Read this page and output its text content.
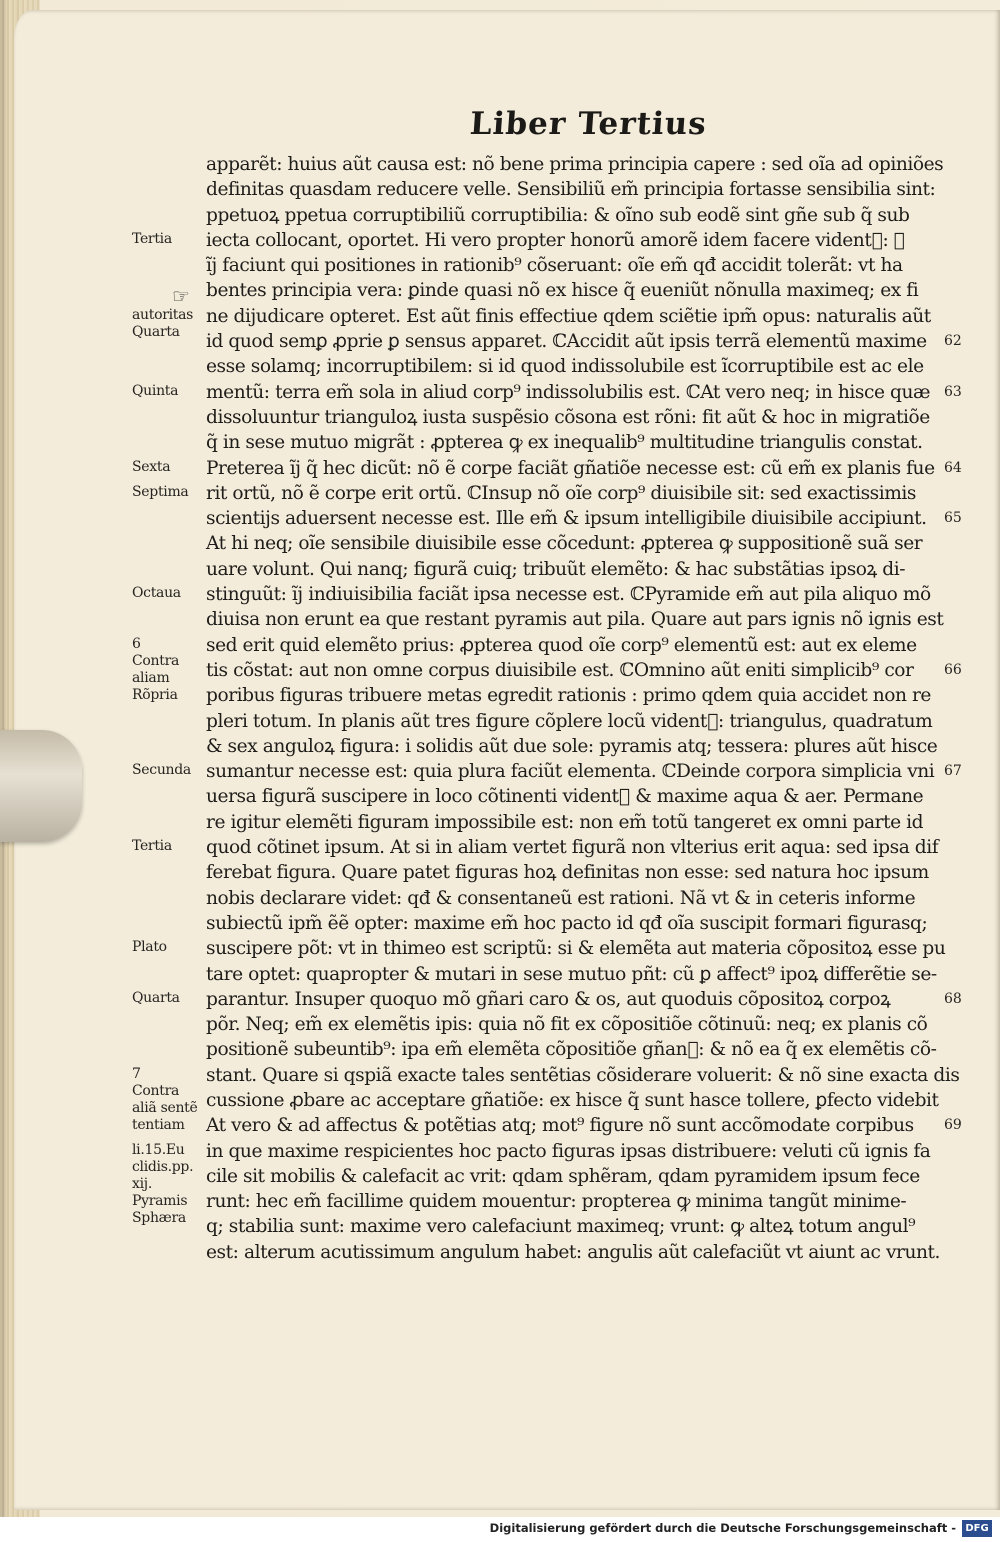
Liber Tertius
☞
apparẽt: huius aũt causa est: nõ bene prima principia capere : sed oĩa ad opiniões
definitas quasdam reducere velle. Sensibiliũ em̃ principia fortasse sensibilia sint:
ppetuoꝝ ppetua corruptibiliũ corruptibilia: & oĩno sub eodẽ sint gñe sub q̃ sub
iecta collocant, oportet. Hi vero propter honorũ amorẽ idem facere videntᷣ: ꝙ
ĩj faciunt qui positiones in rationib⁹ cõseruant: oĩe em̃ qđ accidit tolerãt: vt ha
bentes principia vera: ꝑinde quasi nõ ex hisce q̃ eueniũt nõnulla maximeq; ex fi
ne dijudicare opteret. Est aũt finis effectiue qdem sciẽtie ipm̃ opus: naturalis aũt
id quod semꝑ ꝓprie ꝑ sensus apparet. ℂAccidit aũt ipsis terrã elementũ maxime
esse solamq; incorruptibilem: si id quod indissolubile est ĩcorruptibile est ac ele
mentũ: terra em̃ sola in aliud corp⁹ indissolubilis est. ℂAt vero neq; in hisce quæ
dissoluuntur trianguloꝝ iusta suspẽsio cõsona est rõni: fit aũt & hoc in migratiõe
q̃ in sese mutuo migrãt : ꝓpterea ꝙ ex inequalib⁹ multitudine triangulis constat.
Preterea ĩj q̃ hec dicũt: nõ ẽ corpe faciãt gñatiõe necesse est: cũ em̃ ex planis fue
rit ortũ, nõ ẽ corpe erit ortũ. ℂInsup nõ oĩe corp⁹ diuisibile sit: sed exactissimis
scientijs aduersent necesse est. Ille em̃ & ipsum intelligibile diuisibile accipiunt.
At hi neq; oĩe sensibile diuisibile esse cõcedunt: ꝓpterea ꝙ suppositionẽ suã ser
uare volunt. Qui nanq; figurã cuiq; tribuũt elemẽto: & hac substãtias ipsoꝝ di-
stinguũt: ĩj indiuisibilia faciãt ipsa necesse est. ℂPyramide em̃ aut pila aliquo mõ
diuisa non erunt ea que restant pyramis aut pila. Quare aut pars ignis nõ ignis est
sed erit quid elemẽto prius: ꝓpterea quod oĩe corp⁹ elementũ est: aut ex eleme
tis cõstat: aut non omne corpus diuisibile est. ℂOmnino aũt eniti simplicib⁹ cor
poribus figuras tribuere metas egredit rationis : primo qdem quia accidet non re
pleri totum. In planis aũt tres figure cõplere locũ videntᷣ: triangulus, quadratum
& sex anguloꝝ figura: i solidis aũt due sole: pyramis atq; tessera: plures aũt hisce
sumantur necesse est: quia plura faciũt elementa. ℂDeinde corpora simplicia vni
uersa figurã suscipere in loco cõtinenti videntᷣ & maxime aqua & aer. Permane
re igitur elemẽti figuram impossibile est: non em̃ totũ tangeret ex omni parte id
quod cõtinet ipsum. At si in aliam vertet figurã non vlterius erit aqua: sed ipsa dif
ferebat figura. Quare patet figuras hoꝝ definitas non esse: sed natura hoc ipsum
nobis declarare videt: qđ & consentaneũ est rationi. Nã vt & in ceteris informe
subiectũ ipm̃ ẽẽ opter: maxime em̃ hoc pacto id qđ oĩa suscipit formari figurasq;
suscipere põt: vt in thimeo est scriptũ: si & elemẽta aut materia cõpositoꝝ esse pu
tare optet: quapropter & mutari in sese mutuo pñt: cũ ꝑ affect⁹ ipoꝝ differẽtie se-
parantur. Insuper quoquo mõ gñari caro & os, aut quoduis cõpositoꝝ corpoꝝ
põr. Neq; em̃ ex elemẽtis ipis: quia nõ fit ex cõpositiõe cõtinuũ: neq; ex planis cõ
positionẽ subeuntib⁹: ipa em̃ elemẽta cõpositiõe gñanᷣ: & nõ ea q̃ ex elemẽtis cõ-
stant. Quare si qspiã exacte tales sentẽtias cõsiderare voluerit: & nõ sine exacta dis
cussione ꝓbare ac acceptare gñatiõe: ex hisce q̃ sunt hasce tollere, ꝑfecto videbit
At vero & ad affectus & potẽtias atq; mot⁹ figure nõ sunt accõmodate corpibus
in que maxime respicientes hoc pacto figuras ipsas distribuere: veluti cũ ignis fa
cile sit mobilis & calefacit ac vrit: qdam sphẽram, qdam pyramidem ipsum fece
runt: hec em̃ facillime quidem mouentur: propterea ꝙ minima tangũt minime-
q; stabilia sunt: maxime vero calefaciunt maximeq; vrunt: ꝙ alteꝝ totum angul⁹
est: alterum acutissimum angulum habet: angulis aũt calefaciũt vt aiunt ac vrunt.
Tertia
autoritas
Quarta
Quinta
Sexta
Septima
Octaua
6
Contra
aliam
Rõpria
Secunda
Tertia
Plato
Quarta
7
Contra
aliã sentẽ
tentiam
li.15.Eu
clidis.pp.
xij.
Pyramis
Sphæra
62
63
64
65
66
67
68
69
Digitalisierung gefördert durch die Deutsche Forschungsgemeinschaft - DFG
